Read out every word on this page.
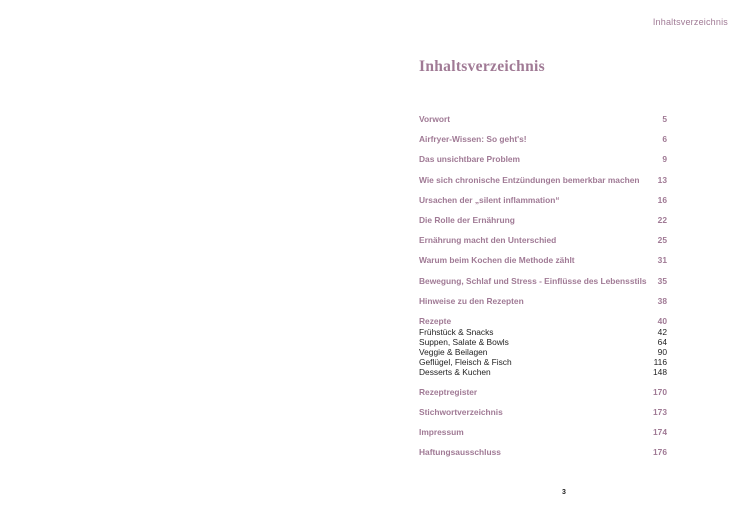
Inhaltsverzeichnis
Inhaltsverzeichnis
Vorwort	5
Airfryer-Wissen: So geht's!	6
Das unsichtbare Problem	9
Wie sich chronische Entzündungen bemerkbar machen 13
Ursachen der „silent inflammation“	16
Die Rolle der Ernährung	22
Ernährung macht den Unterschied	25
Warum beim Kochen die Methode zählt	31
Bewegung, Schlaf und Stress - Einflüsse des Lebensstils 35
Hinweise zu den Rezepten	38
Rezepte	40
Frühstück & Snacks	42
Suppen, Salate & Bowls	64
Veggie & Beilagen	90
Geflügel, Fleisch & Fisch	116
Desserts & Kuchen	148
Rezeptregister	170
Stichwortverzeichnis	173
Impressum	174
Haftungsausschluss	176
3
